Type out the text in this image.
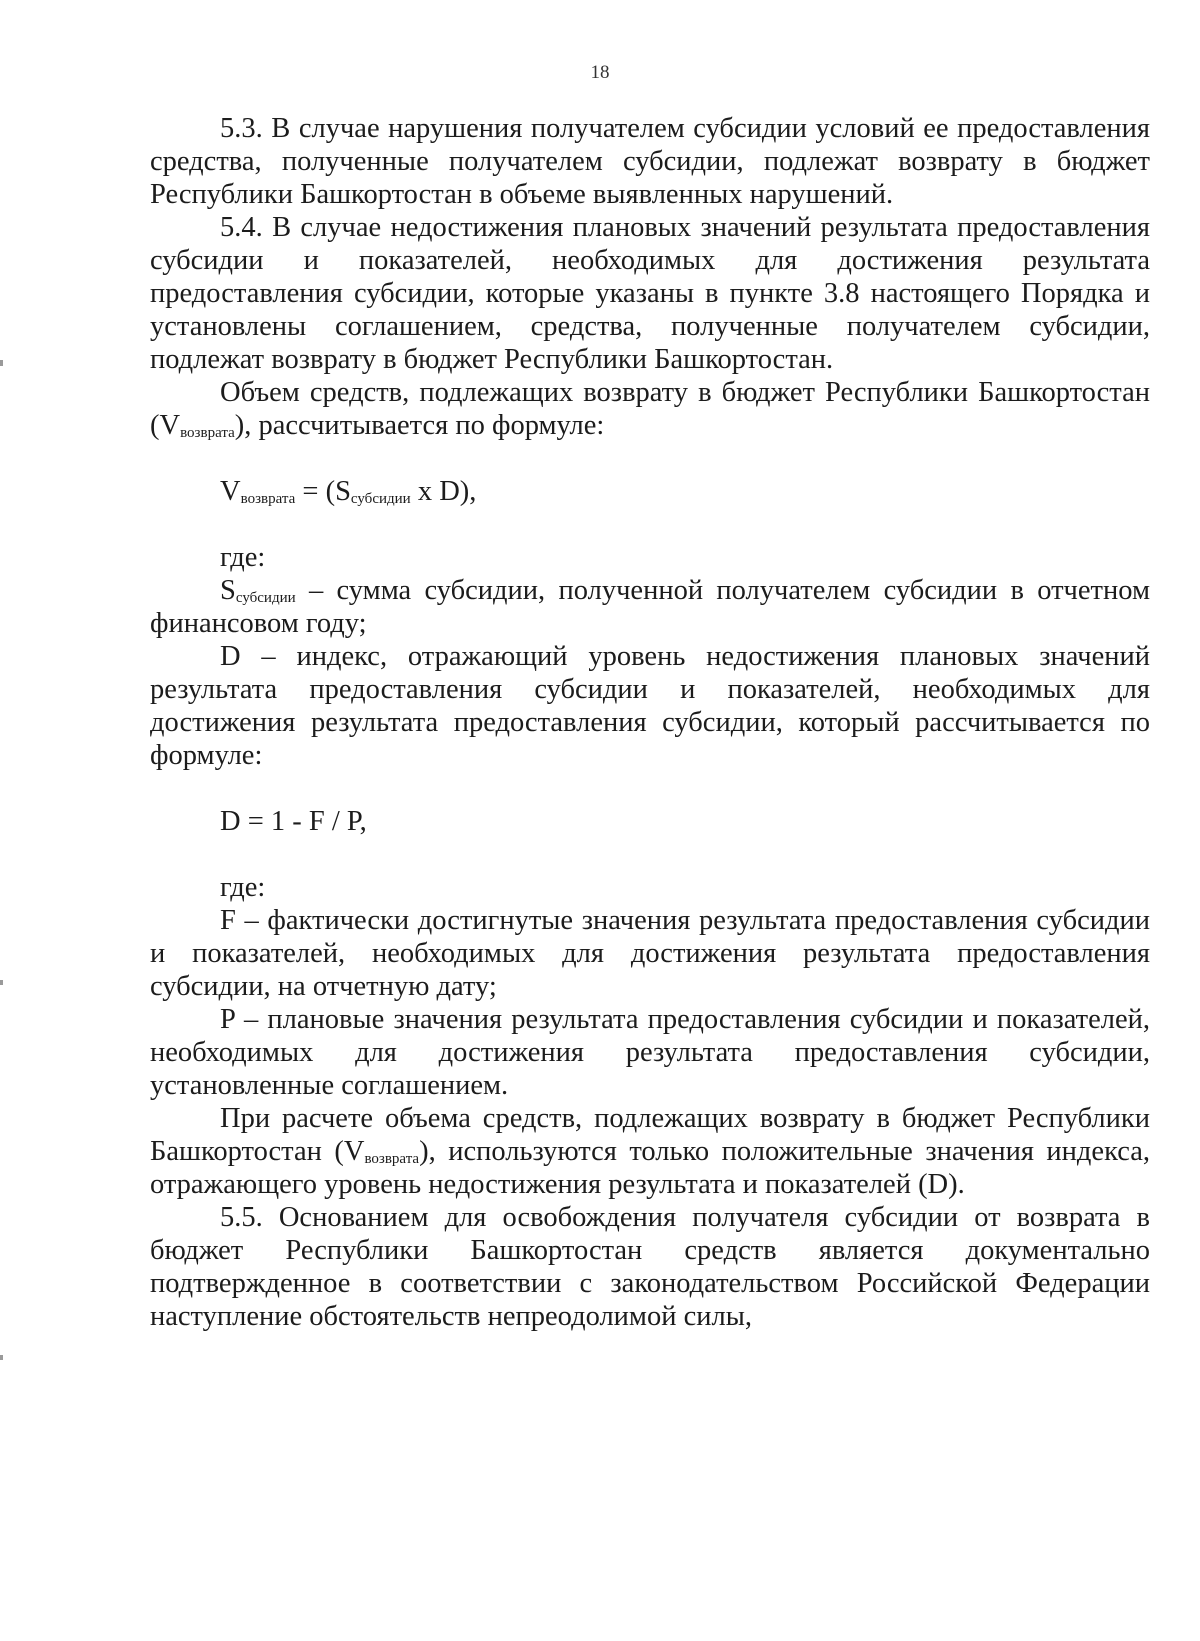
18

5.3. В случае нарушения получателем субсидии условий ее предоставления средства, полученные получателем субсидии, подлежат возврату в бюджет Республики Башкортостан в объеме выявленных нарушений.

5.4. В случае недостижения плановых значений результата предоставления субсидии и показателей, необходимых для достижения результата предоставления субсидии, которые указаны в пункте 3.8 настоящего Порядка и установлены соглашением, средства, полученные получателем субсидии, подлежат возврату в бюджет Республики Башкортостан.

Объем средств, подлежащих возврату в бюджет Республики Башкортостан $(V_{возврата})$, рассчитывается по формуле:

$V_{возврата} = (S_{субсидии}$ x D),

где:

$S_{субсидии}$ – сумма субсидии, полученной получателем субсидии в отчетном финансовом году;

D – индекс, отражающий уровень недостижения плановых значений результата предоставления субсидии и показателей, необходимых для достижения результата предоставления субсидии, который рассчитывается по формуле:

D = 1 - F / P,

где:

F – фактически достигнутые значения результата предоставления субсидии и показателей, необходимых для достижения результата предоставления субсидии, на отчетную дату;

P – плановые значения результата предоставления субсидии и показателей, необходимых для достижения результата предоставления субсидии, установленные соглашением.

При расчете объема средств, подлежащих возврату в бюджет Республики Башкортостан $(V_{возврата})$, используются только положительные значения индекса, отражающего уровень недостижения результата и показателей (D).

5.5. Основанием для освобождения получателя субсидии от возврата в бюджет Республики Башкортостан средств является документально подтвержденное в соответствии с законодательством Российской Федерации наступление обстоятельств непреодолимой силы,
